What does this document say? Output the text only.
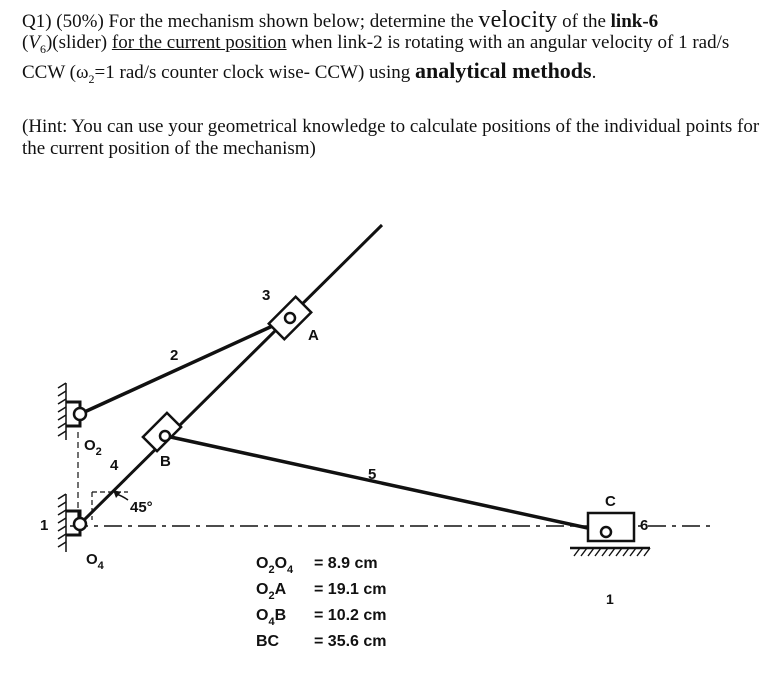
Q1) (50%) For the mechanism shown below; determine the velocity of the link-6
$(V_6)(slider)$ for the current position when link-2 is rotating with an angular velocity of 1 rad/s CCW ($\omega_2=1$ rad/s counter clock wise- CCW) using analytical methods.
(Hint: You can use your geometrical knowledge to calculate positions of the individual points for the current position of the mechanism)
45°
1
2
3
4
5
6
1
A
B
C
$O_2$
$O_4$	$O_2O_4 = 8.9$ cm
$O_2A = 19.1$ cm
$O_4B = 10.2$ cm
BC = 35.6 cm
